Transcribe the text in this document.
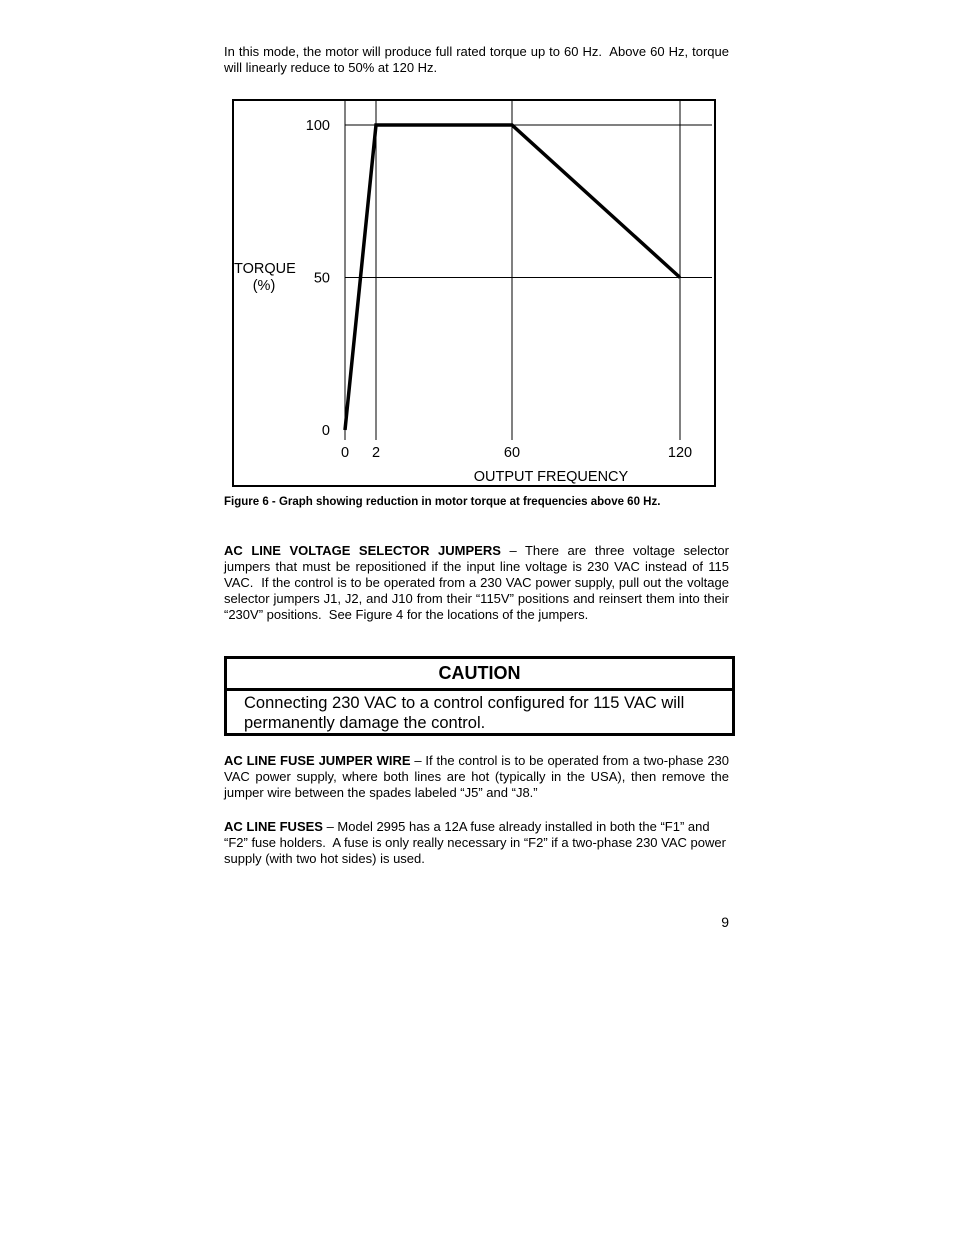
In this mode, the motor will produce full rated torque up to 60 Hz.  Above 60 Hz, torque will linearly reduce to 50% at 120 Hz.

0 2	60	120
0
50
100
OUTPUT FREQUENCY
TORQUE
(%)

Figure 6 - Graph showing reduction in motor torque at frequencies above 60 Hz.

AC LINE VOLTAGE SELECTOR JUMPERS – There are three voltage selector jumpers that must be repositioned if the input line voltage is 230 VAC instead of 115 VAC.  If the control is to be operated from a 230 VAC power supply, pull out the voltage selector jumpers J1, J2, and J10 from their “115V” positions and reinsert them into their “230V” positions.  See Figure 4 for the locations of the jumpers.

CAUTION
Connecting 230 VAC to a control configured for 115 VAC will permanently damage the control.

AC LINE FUSE JUMPER WIRE – If the control is to be operated from a two-phase 230 VAC power supply, where both lines are hot (typically in the USA), then remove the jumper wire between the spades labeled “J5” and “J8.”

AC LINE FUSES – Model 2995 has a 12A fuse already installed in both the “F1” and “F2” fuse holders.  A fuse is only really necessary in “F2” if a two-phase 230 VAC power supply (with two hot sides) is used.

9
